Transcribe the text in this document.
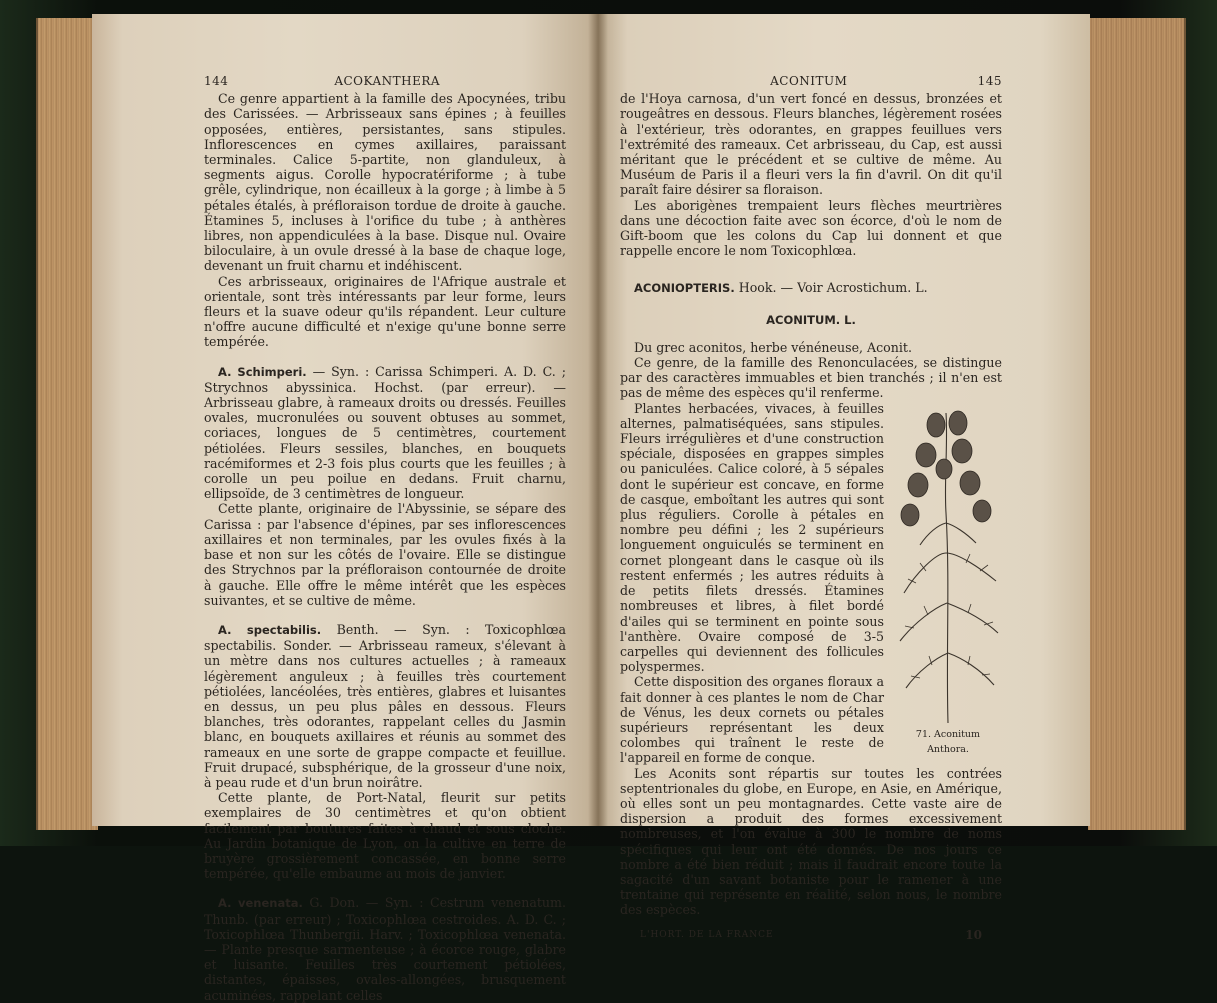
144	ACOKANTHERA

Ce genre appartient à la famille des Apocynées, tribu des Carissées. — Arbrisseaux sans épines ; à feuilles opposées, entières, persistantes, sans stipules. Inflorescences en cymes axillaires, paraissant terminales. Calice 5-partite, non glanduleux, à segments aigus. Corolle hypocratériforme ; à tube grêle, cylindrique, non écailleux à la gorge ; à limbe à 5 pétales étalés, à préfloraison tordue de droite à gauche. Étamines 5, incluses à l'orifice du tube ; à anthères libres, non appendiculées à la base. Disque nul. Ovaire biloculaire, à un ovule dressé à la base de chaque loge, devenant un fruit charnu et indéhiscent.

Ces arbrisseaux, originaires de l'Afrique australe et orientale, sont très intéressants par leur forme, leurs fleurs et la suave odeur qu'ils répandent. Leur culture n'offre aucune difficulté et n'exige qu'une bonne serre tempérée.

A. Schimperi. — Syn. : Carissa Schimperi. A. D. C. ; Strychnos abyssinica. Hochst. (par erreur). — Arbrisseau glabre, à rameaux droits ou dressés. Feuilles ovales, mucronulées ou souvent obtuses au sommet, coriaces, longues de 5 centimètres, courtement pétiolées. Fleurs sessiles, blanches, en bouquets racémiformes et 2-3 fois plus courts que les feuilles ; à corolle un peu poilue en dedans. Fruit charnu, ellipsoïde, de 3 centimètres de longueur.

Cette plante, originaire de l'Abyssinie, se sépare des Carissa : par l'absence d'épines, par ses inflorescences axillaires et non terminales, par les ovules fixés à la base et non sur les côtés de l'ovaire. Elle se distingue des Strychnos par la préfloraison contournée de droite à gauche. Elle offre le même intérêt que les espèces suivantes, et se cultive de même.

A. spectabilis. Benth. — Syn. : Toxicophlœa spectabilis. Sonder. — Arbrisseau rameux, s'élevant à un mètre dans nos cultures actuelles ; à rameaux légèrement anguleux ; à feuilles très courtement pétiolées, lancéolées, très entières, glabres et luisantes en dessus, un peu plus pâles en dessous. Fleurs blanches, très odorantes, rappelant celles du Jasmin blanc, en bouquets axillaires et réunis au sommet des rameaux en une sorte de grappe compacte et feuillue. Fruit drupacé, subsphérique, de la grosseur d'une noix, à peau rude et d'un brun noirâtre.

Cette plante, de Port-Natal, fleurit sur petits exemplaires de 30 centimètres et qu'on obtient facilement par boutures faites à chaud et sous cloche. Au Jardin botanique de Lyon, on la cultive en terre de bruyère grossièrement concassée, en bonne serre tempérée, qu'elle embaume au mois de janvier.

A. venenata. G. Don. — Syn. : Cestrum venenatum. Thunb. (par erreur) ; Toxicophlœa cestroides. A. D. C. ; Toxicophlœa Thunbergii. Harv. ; Toxicophlœa venenata. — Plante presque sarmenteuse ; à écorce rouge, glabre et luisante. Feuilles très courtement pétiolées, distantes, épaisses, ovales-allongées, brusquement acuminées, rappelant celles

ACONITUM	145

de l'Hoya carnosa, d'un vert foncé en dessus, bronzées et rougeâtres en dessous. Fleurs blanches, légèrement rosées à l'extérieur, très odorantes, en grappes feuillues vers l'extrémité des rameaux. Cet arbrisseau, du Cap, est aussi méritant que le précédent et se cultive de même. Au Muséum de Paris il a fleuri vers la fin d'avril. On dit qu'il paraît faire désirer sa floraison.

Les aborigènes trempaient leurs flèches meurtrières dans une décoction faite avec son écorce, d'où le nom de Gift-boom que les colons du Cap lui donnent et que rappelle encore le nom Toxicophlœa.

ACONIOPTERIS. Hook. — Voir Acrostichum. L.

ACONITUM. L.

Du grec aconitos, herbe vénéneuse, Aconit.

Ce genre, de la famille des Renonculacées, se distingue par des caractères immuables et bien tranchés ; il n'en est pas de même des espèces qu'il renferme.

71. Aconitum Anthora.

Plantes herbacées, vivaces, à feuilles alternes, palmatiséquées, sans stipules. Fleurs irrégulières et d'une construction spéciale, disposées en grappes simples ou paniculées. Calice coloré, à 5 sépales dont le supérieur est concave, en forme de casque, emboîtant les autres qui sont plus réguliers. Corolle à pétales en nombre peu défini ; les 2 supérieurs longuement onguiculés se terminent en cornet plongeant dans le casque où ils restent enfermés ; les autres réduits à de petits filets dressés. Étamines nombreuses et libres, à filet bordé d'ailes qui se terminent en pointe sous l'anthère. Ovaire composé de 3-5 carpelles qui deviennent des follicules polyspermes.

Cette disposition des organes floraux a fait donner à ces plantes le nom de Char de Vénus, les deux cornets ou pétales supérieurs représentant les deux colombes qui traînent le reste de l'appareil en forme de conque.

Les Aconits sont répartis sur toutes les contrées septentrionales du globe, en Europe, en Asie, en Amérique, où elles sont un peu montagnardes. Cette vaste aire de dispersion a produit des formes excessivement nombreuses, et l'on évalue à 300 le nombre de noms spécifiques qui leur ont été donnés. De nos jours ce nombre a été bien réduit ; mais il faudrait encore toute la sagacité d'un savant botaniste pour le ramener à une trentaine qui représente en réalité, selon nous, le nombre des espèces.

L'HORT. DE LA FRANCE	10
